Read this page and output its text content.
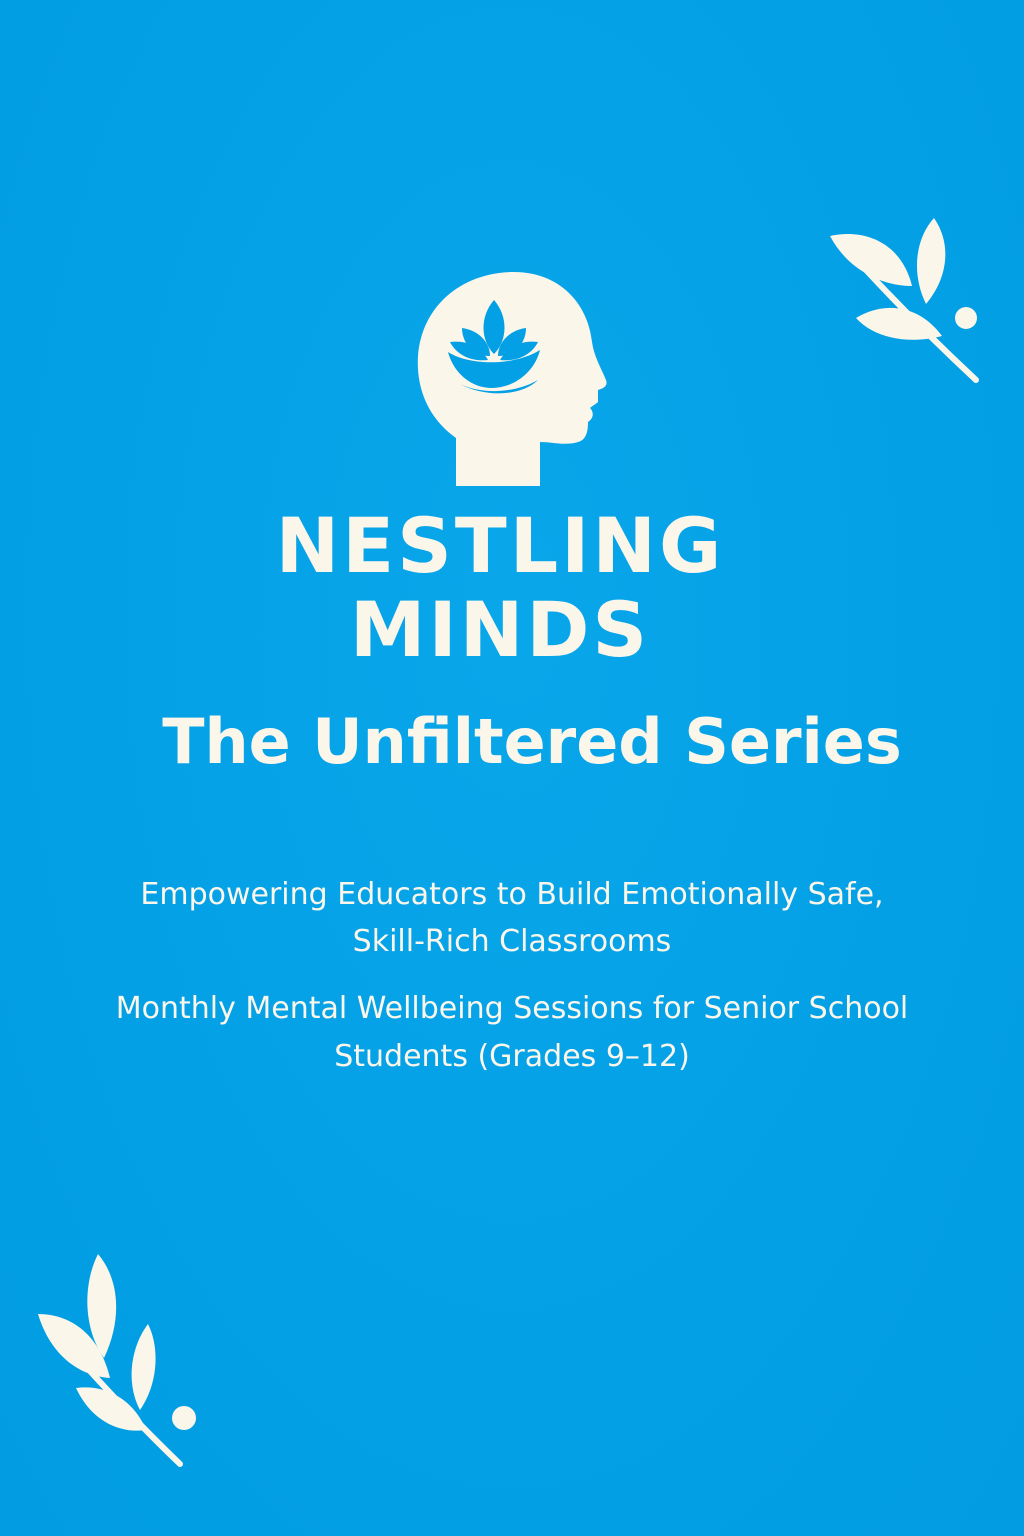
NESTLING
MINDS
The Unfiltered Series
Empowering Educators to Build Emotionally Safe,
Skill-Rich Classrooms
Monthly Mental Wellbeing Sessions for Senior School
Students (Grades 9–12)
